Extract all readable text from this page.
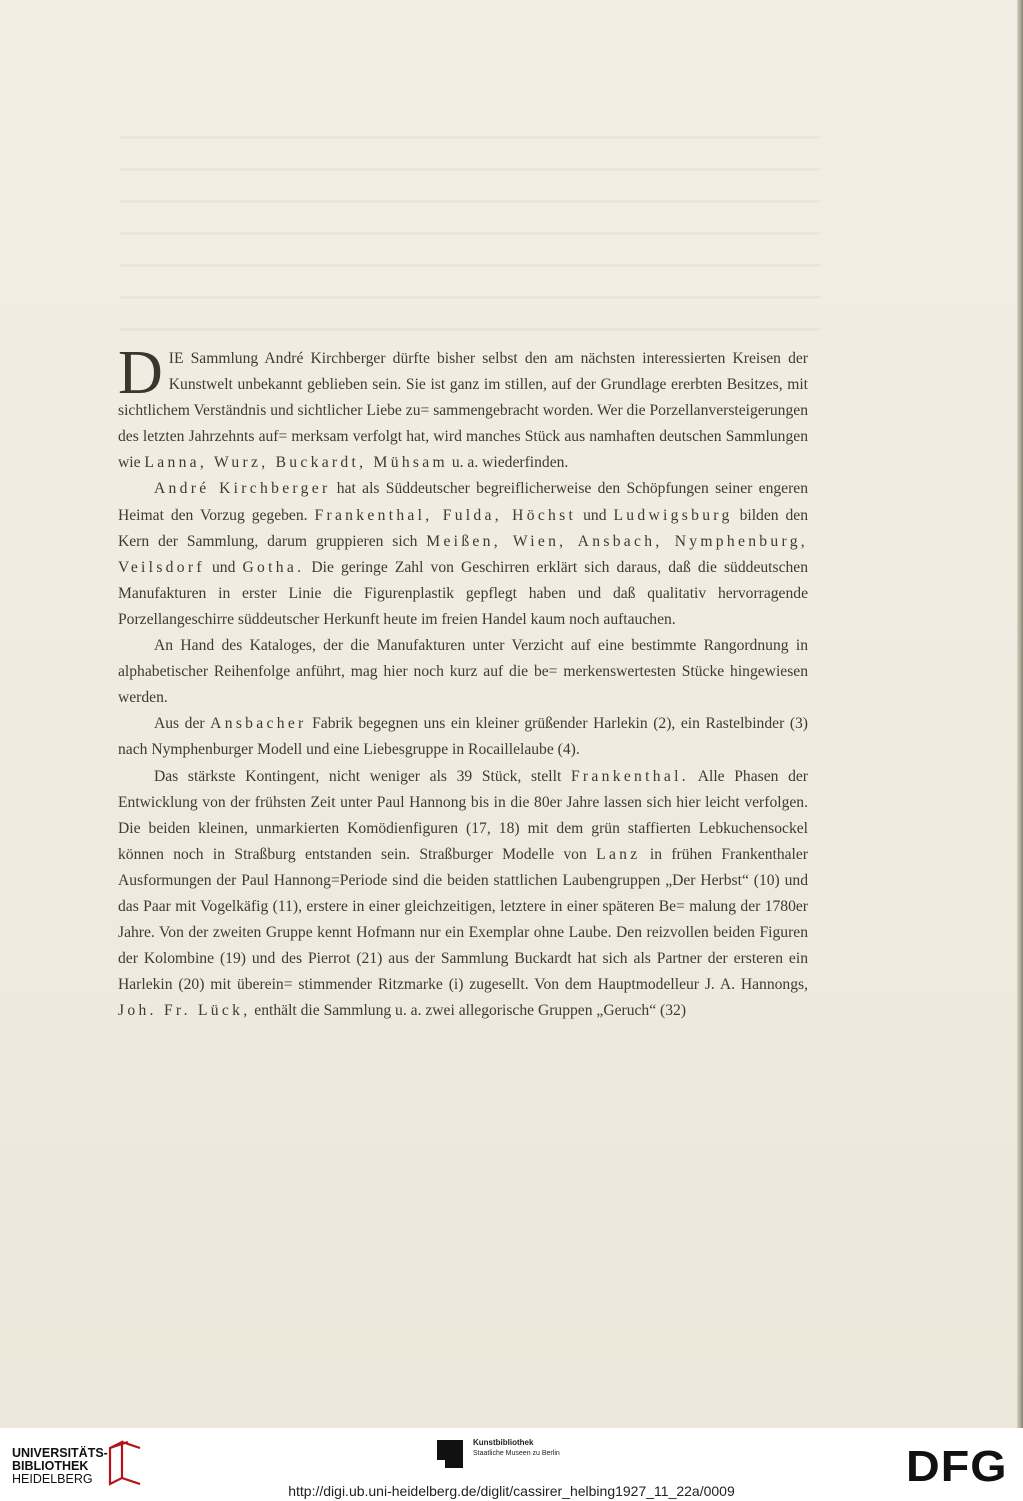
DIE Sammlung André Kirchberger dürfte bisher selbst den am nächsten interessierten Kreisen der Kunstwelt unbekannt geblieben sein. Sie ist ganz im stillen, auf der Grundlage ererbten Besitzes, mit sichtlichem Verständnis und sichtlicher Liebe zu= sammengebracht worden. Wer die Porzellanversteigerungen des letzten Jahrzehnts auf= merksam verfolgt hat, wird manches Stück aus namhaften deutschen Sammlungen wie Lanna, Wurz, Buckardt, Mühsam u. a. wiederfinden.

André Kirchberger hat als Süddeutscher begreiflicherweise den Schöpfungen seiner engeren Heimat den Vorzug gegeben. Frankenthal, Fulda, Höchst und Ludwigsburg bilden den Kern der Sammlung, darum gruppieren sich Meißen, Wien, Ansbach, Nymphenburg, Veilsdorf und Gotha. Die geringe Zahl von Geschirren erklärt sich daraus, daß die süddeutschen Manufakturen in erster Linie die Figurenplastik gepflegt haben und daß qualitativ hervorragende Porzellangeschirre süddeutscher Herkunft heute im freien Handel kaum noch auftauchen.

An Hand des Kataloges, der die Manufakturen unter Verzicht auf eine bestimmte Rangordnung in alphabetischer Reihenfolge anführt, mag hier noch kurz auf die be= merkenswertesten Stücke hingewiesen werden.

Aus der Ansbacher Fabrik begegnen uns ein kleiner grüßender Harlekin (2), ein Rastelbinder (3) nach Nymphenburger Modell und eine Liebesgruppe in Rocaillelaube (4).

Das stärkste Kontingent, nicht weniger als 39 Stück, stellt Frankenthal. Alle Phasen der Entwicklung von der frühsten Zeit unter Paul Hannong bis in die 80er Jahre lassen sich hier leicht verfolgen. Die beiden kleinen, unmarkierten Komödienfiguren (17, 18) mit dem grün staffierten Lebkuchensockel können noch in Straßburg entstanden sein. Straßburger Modelle von Lanz in frühen Frankenthaler Ausformungen der Paul Hannong=Periode sind die beiden stattlichen Laubengruppen „Der Herbst“ (10) und das Paar mit Vogelkäfig (11), erstere in einer gleichzeitigen, letztere in einer späteren Be= malung der 1780er Jahre. Von der zweiten Gruppe kennt Hofmann nur ein Exemplar ohne Laube. Den reizvollen beiden Figuren der Kolombine (19) und des Pierrot (21) aus der Sammlung Buckardt hat sich als Partner der ersteren ein Harlekin (20) mit überein= stimmender Ritzmarke (i) zugesellt. Von dem Hauptmodelleur J. A. Hannongs, Joh. Fr. Lück, enthält die Sammlung u. a. zwei allegorische Gruppen „Geruch“ (32)

UNIVERSITÄTS-
BIBLIOTHEK
HEIDELBERG
Kunstbibliothek
Staatliche Museen zu Berlin	DFG
http://digi.ub.uni-heidelberg.de/diglit/cassirer_helbing1927_11_22a/0009
